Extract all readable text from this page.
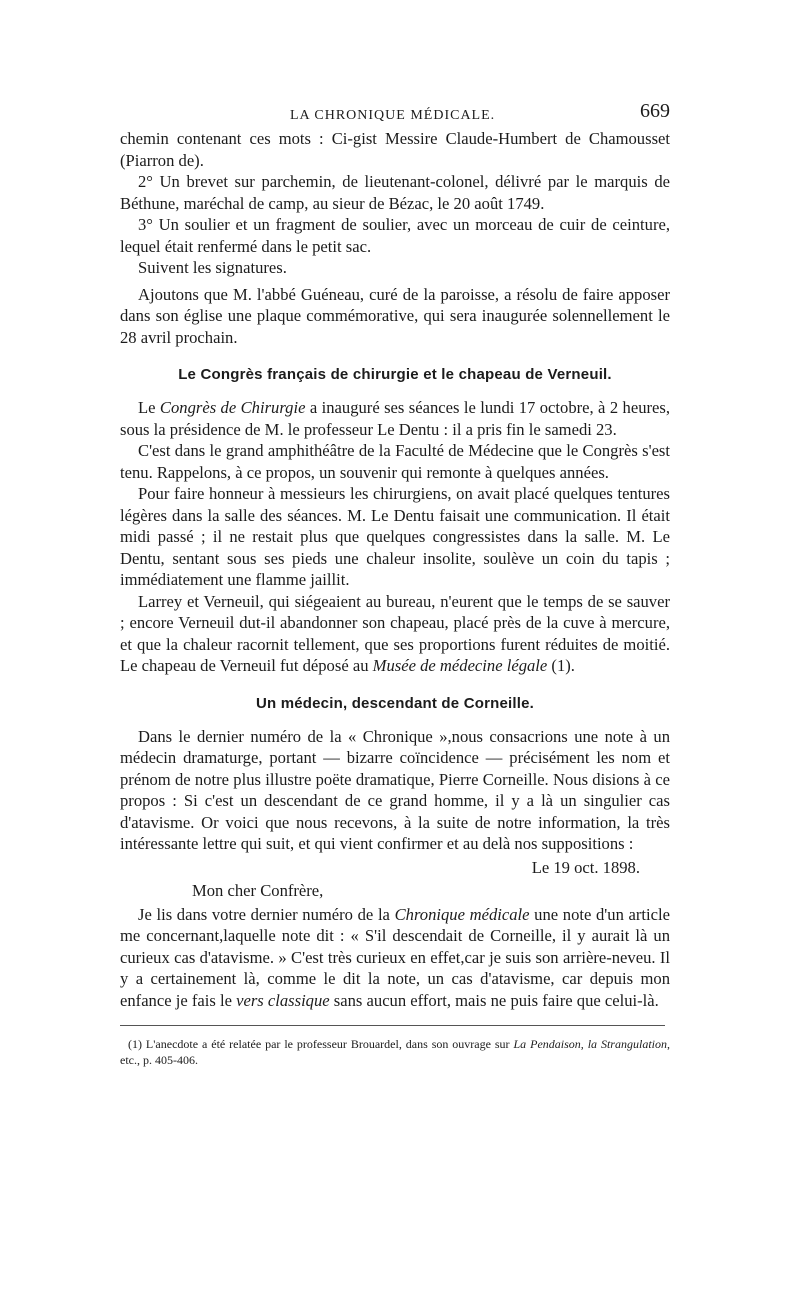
LA CHRONIQUE MÉDICALE.	669

chemin contenant ces mots : Ci-gist Messire Claude-Humbert de Chamousset (Piarron de).

2° Un brevet sur parchemin, de lieutenant-colonel, délivré par le marquis de Béthune, maréchal de camp, au sieur de Bézac, le 20 août 1749.

3° Un soulier et un fragment de soulier, avec un morceau de cuir de ceinture, lequel était renfermé dans le petit sac.

Suivent les signatures.

Ajoutons que M. l'abbé Guéneau, curé de la paroisse, a résolu de faire apposer dans son église une plaque commémorative, qui sera inaugurée solennellement le 28 avril prochain.

Le Congrès français de chirurgie et le chapeau de Verneuil.

Le Congrès de Chirurgie a inauguré ses séances le lundi 17 octobre, à 2 heures, sous la présidence de M. le professeur Le Dentu : il a pris fin le samedi 23.

C'est dans le grand amphithéâtre de la Faculté de Médecine que le Congrès s'est tenu. Rappelons, à ce propos, un souvenir qui remonte à quelques années.

Pour faire honneur à messieurs les chirurgiens, on avait placé quelques tentures légères dans la salle des séances. M. Le Dentu faisait une communication. Il était midi passé ; il ne restait plus que quelques congressistes dans la salle. M. Le Dentu, sentant sous ses pieds une chaleur insolite, soulève un coin du tapis ; immédiatement une flamme jaillit.

Larrey et Verneuil, qui siégeaient au bureau, n'eurent que le temps de se sauver ; encore Verneuil dut-il abandonner son chapeau, placé près de la cuve à mercure, et que la chaleur racornit tellement, que ses proportions furent réduites de moitié. Le chapeau de Verneuil fut déposé au Musée de médecine légale (1).

Un médecin, descendant de Corneille.

Dans le dernier numéro de la « Chronique »,nous consacrions une note à un médecin dramaturge, portant — bizarre coïncidence — précisément les nom et prénom de notre plus illustre poëte dramatique, Pierre Corneille. Nous disions à ce propos : Si c'est un descendant de ce grand homme, il y a là un singulier cas d'atavisme. Or voici que nous recevons, à la suite de notre information, la très intéressante lettre qui suit, et qui vient confirmer et au delà nos suppositions :

Le 19 oct. 1898.

Mon cher Confrère,

Je lis dans votre dernier numéro de la Chronique médicale une note d'un article me concernant,laquelle note dit : « S'il descendait de Corneille, il y aurait là un curieux cas d'atavisme. » C'est très curieux en effet,car je suis son arrière-neveu. Il y a certainement là, comme le dit la note, un cas d'atavisme, car depuis mon enfance je fais le vers classique sans aucun effort, mais ne puis faire que celui-là.

(1) L'anecdote a été relatée par le professeur Brouardel, dans son ouvrage sur La Pendaison, la Strangulation, etc., p. 405-406.
